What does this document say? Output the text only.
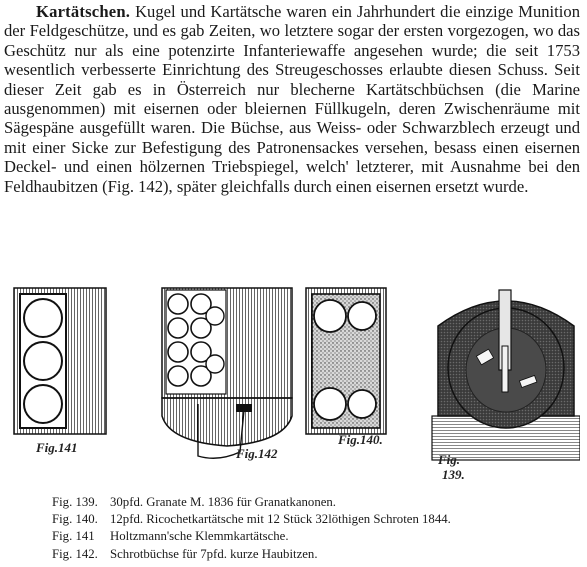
Kartätschen. Kugel und Kartätsche waren ein Jahrhundert die einzige Munition der Feldgeschütze, und es gab Zeiten, wo letztere sogar der ersten vorgezogen, wo das Geschütz nur als eine potenzirte Infanteriewaffe angesehen wurde; die seit 1753 wesentlich verbesserte Einrichtung des Streugeschosses erlaubte diesen Schuss. Seit dieser Zeit gab es in Österreich nur blecherne Kartätschbüchsen (die Marine ausgenommen) mit eisernen oder bleiernen Füllkugeln, deren Zwischenräume mit Sägespäne ausgefüllt waren. Die Büchse, aus Weiss- oder Schwarzblech erzeugt und mit einer Sicke zur Befestigung des Patronensackes versehen, besass einen eisernen Deckel- und einen hölzernen Triebspiegel, welch' letzterer, mit Ausnahme bei den Feldhaubitzen (Fig. 142), später gleichfalls durch einen eisernen ersetzt wurde.

Fig.141	Fig.142
Fig.140.
Fig.
139.
Fig. 139. 30pfd. Granate M. 1836 für Granatkanonen.
Fig. 140. 12pfd. Ricochetkartätsche mit 12 Stück 32löthigen Schroten 1844.
Fig. 141 Holtzmann'sche Klemmkartätsche.
Fig. 142. Schrotbüchse für 7pfd. kurze Haubitzen.
